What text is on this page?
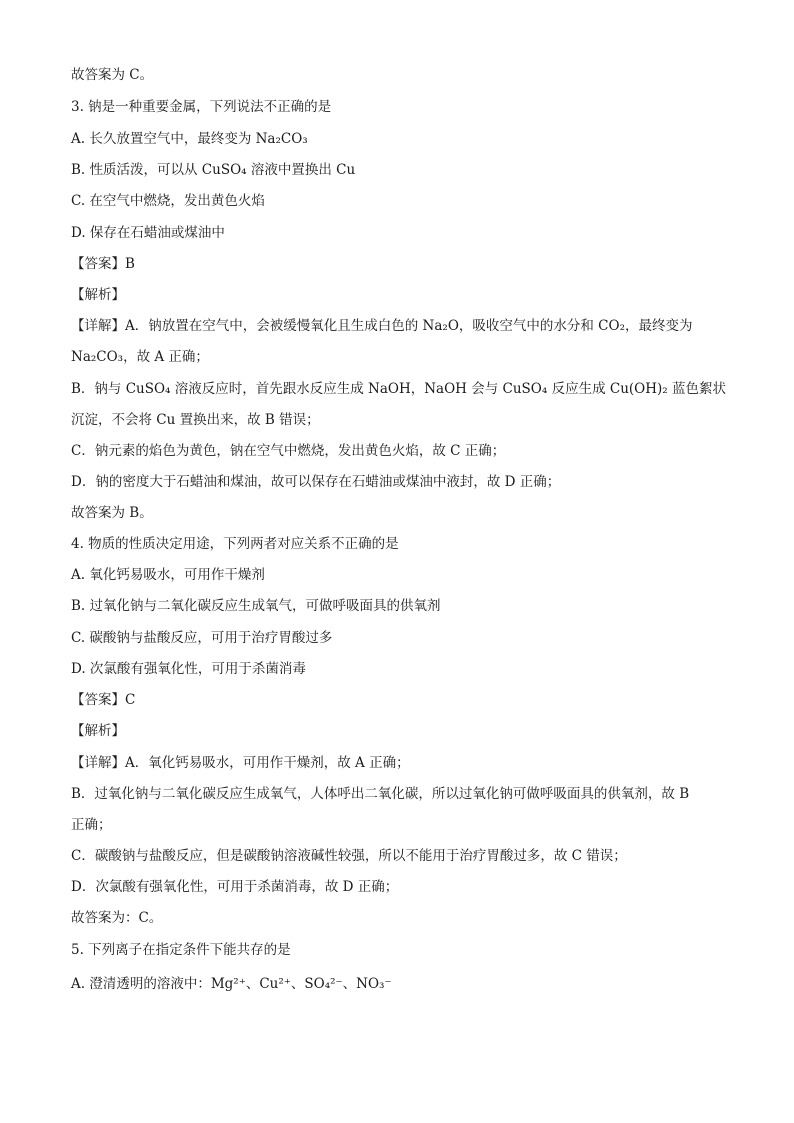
故答案为 C。
3. 钠是一种重要金属，下列说法不正确的是
A. 长久放置空气中，最终变为 Na₂CO₃
B. 性质活泼，可以从 CuSO₄ 溶液中置换出 Cu
C. 在空气中燃烧，发出黄色火焰
D. 保存在石蜡油或煤油中
【答案】B
【解析】
【详解】A．钠放置在空气中，会被缓慢氧化且生成白色的 Na₂O，吸收空气中的水分和 CO₂，最终变为
Na₂CO₃，故 A 正确；
B．钠与 CuSO₄ 溶液反应时，首先跟水反应生成 NaOH，NaOH 会与 CuSO₄ 反应生成 Cu(OH)₂ 蓝色絮状
沉淀，不会将 Cu 置换出来，故 B 错误；
C．钠元素的焰色为黄色，钠在空气中燃烧，发出黄色火焰，故 C 正确；
D．钠的密度大于石蜡油和煤油，故可以保存在石蜡油或煤油中液封，故 D 正确；
故答案为 B。
4. 物质的性质决定用途，下列两者对应关系不正确的是
A. 氧化钙易吸水，可用作干燥剂
B. 过氧化钠与二氧化碳反应生成氧气，可做呼吸面具的供氧剂
C. 碳酸钠与盐酸反应，可用于治疗胃酸过多
D. 次氯酸有强氧化性，可用于杀菌消毒
【答案】C
【解析】
【详解】A．氧化钙易吸水，可用作干燥剂，故 A 正确；
B．过氧化钠与二氧化碳反应生成氧气，人体呼出二氧化碳，所以过氧化钠可做呼吸面具的供氧剂，故 B
正确；
C．碳酸钠与盐酸反应，但是碳酸钠溶液碱性较强，所以不能用于治疗胃酸过多，故 C 错误；
D．次氯酸有强氧化性，可用于杀菌消毒，故 D 正确；
故答案为：C。
5. 下列离子在指定条件下能共存的是
A. 澄清透明的溶液中：Mg²⁺、Cu²⁺、SO₄²⁻、NO₃⁻
